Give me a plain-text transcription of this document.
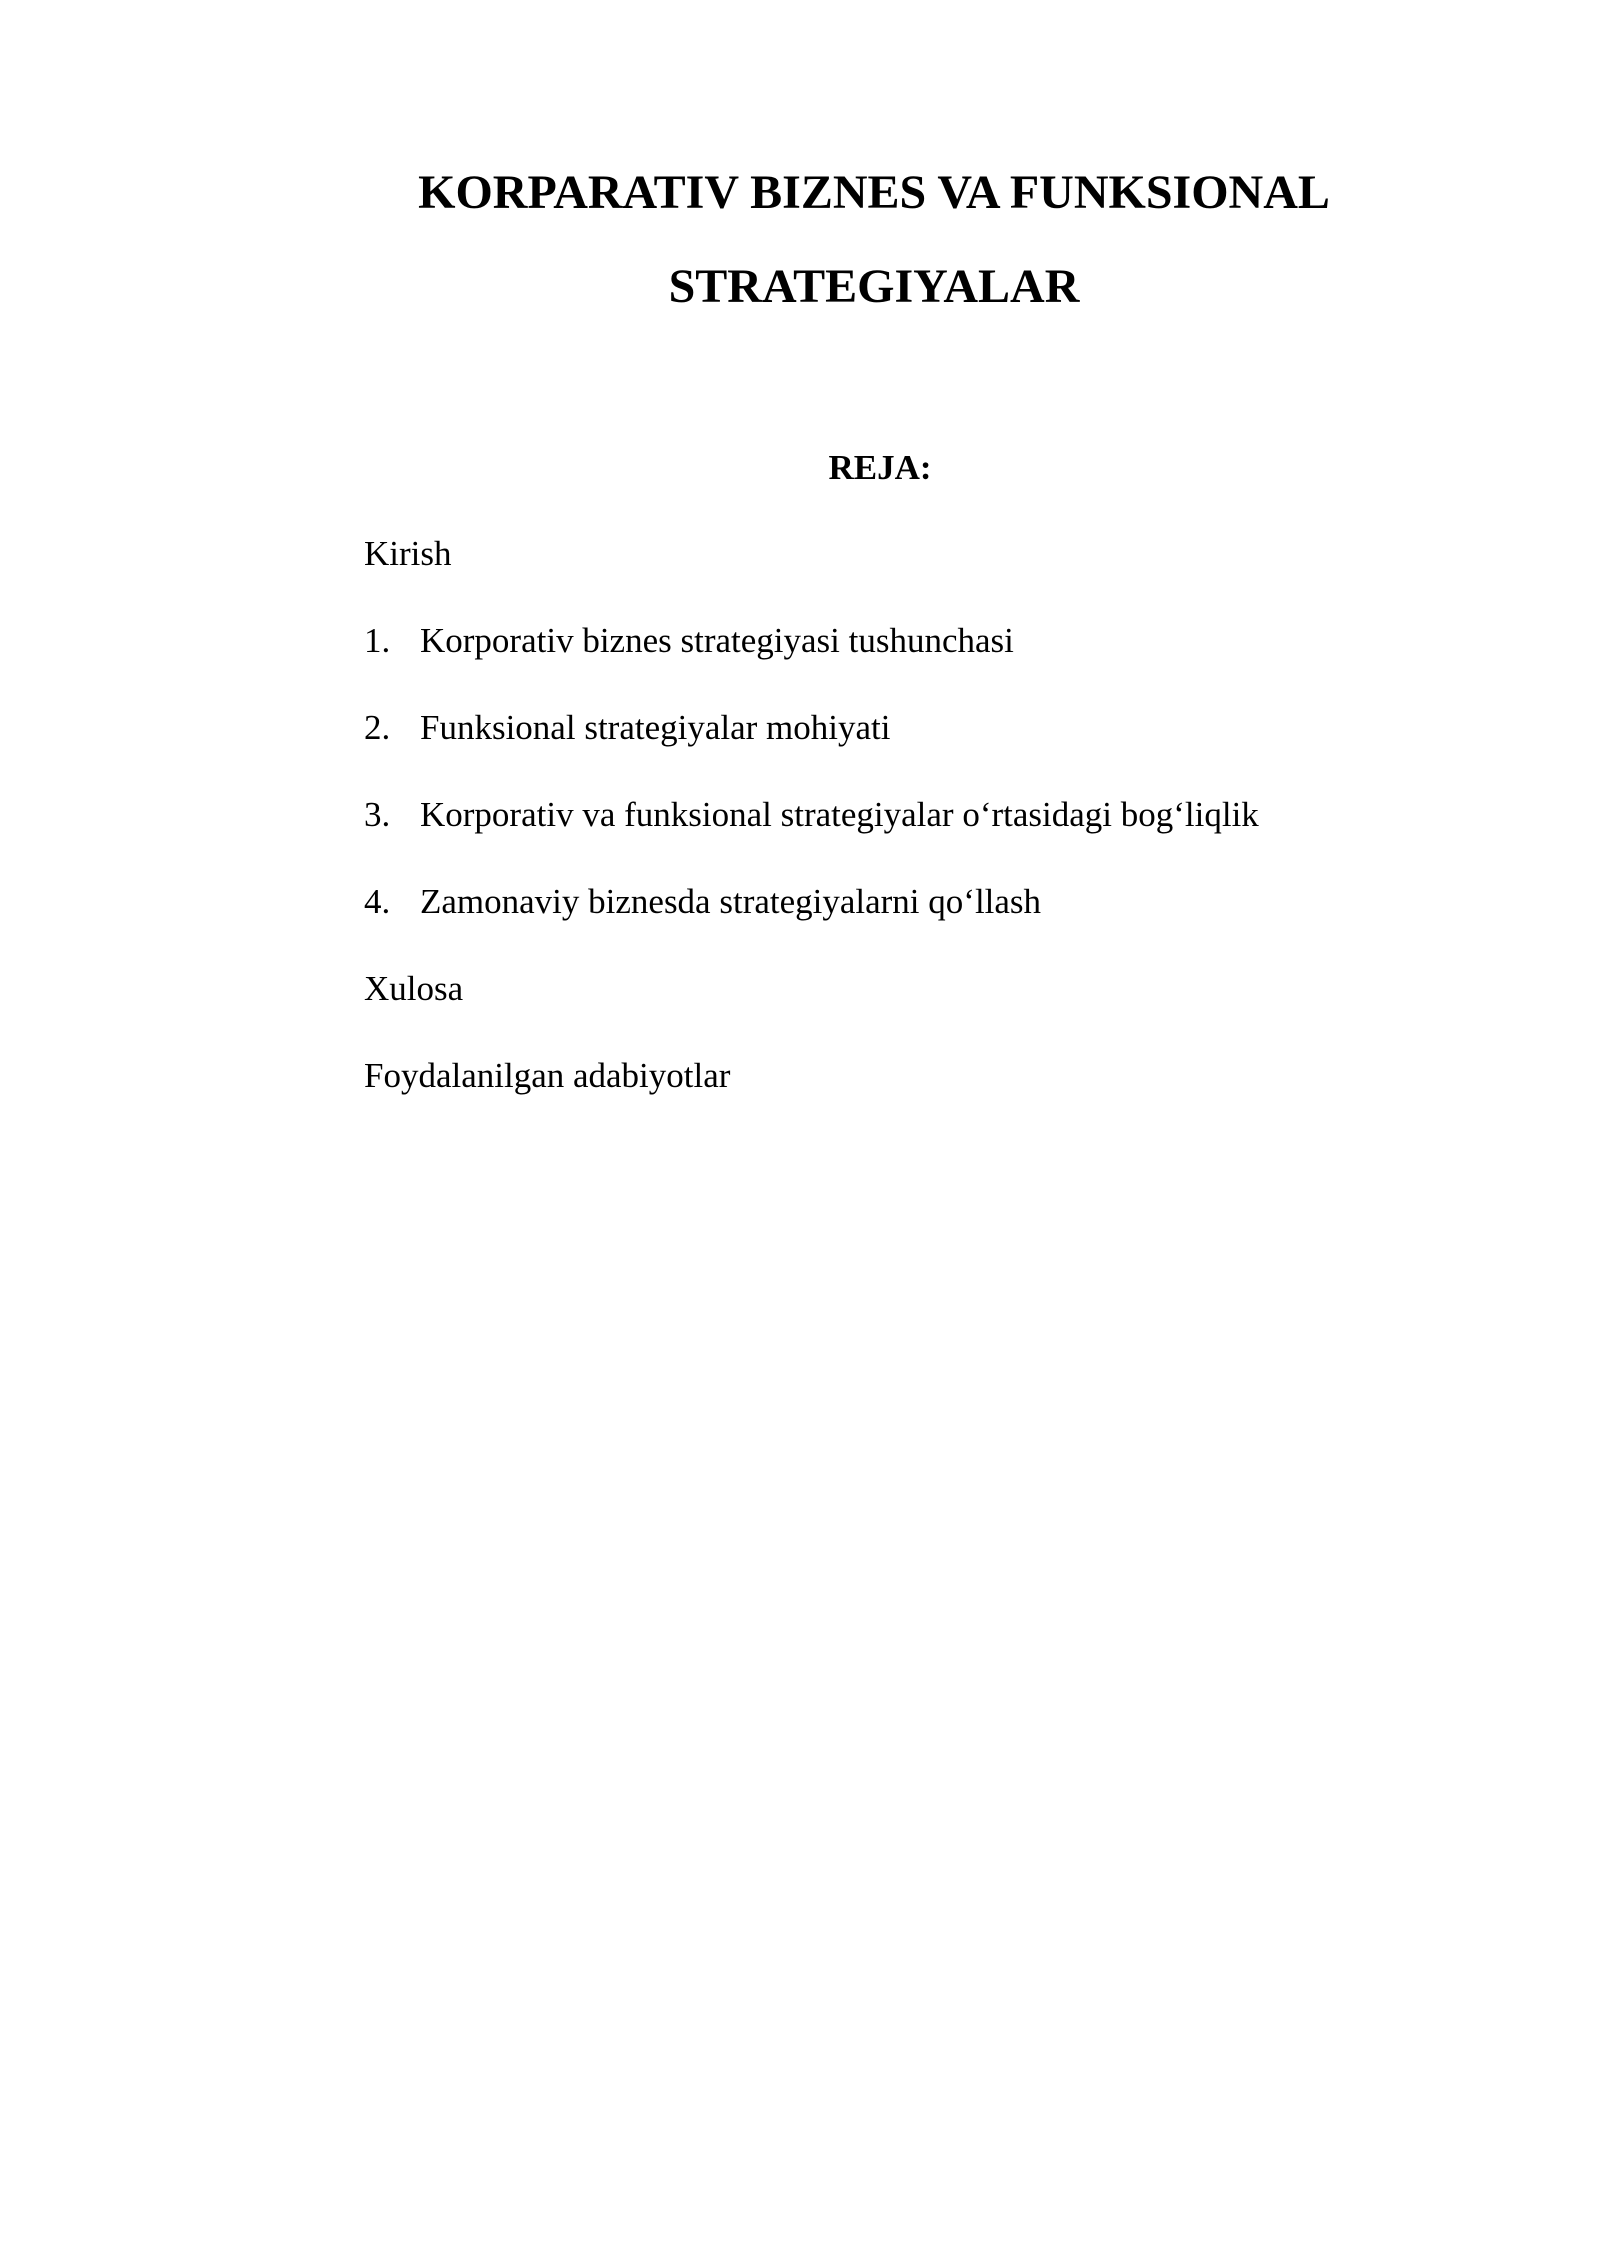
KORPARATIV BIZNES VA FUNKSIONAL
STRATEGIYALAR
REJA:
Kirish
1. Korporativ biznes strategiyasi tushunchasi
2. Funksional strategiyalar mohiyati
3. Korporativ va funksional strategiyalar o‘rtasidagi bog‘liqlik
4. Zamonaviy biznesda strategiyalarni qo‘llash
Xulosa
Foydalanilgan adabiyotlar
